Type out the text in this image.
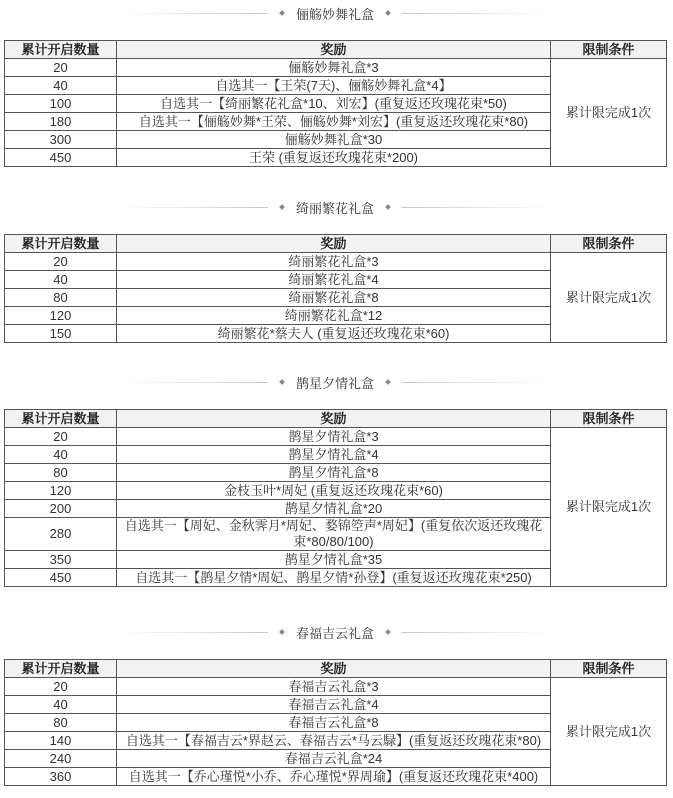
俪觞妙舞礼盒
累计开启数量	奖励	限制条件
20	俪觞妙舞礼盒*3	累计限完成1次
40	自选其一【王荣(7天)、俪觞妙舞礼盒*4】	
100	自选其一【绮丽繁花礼盒*10、刘宏】(重复返还玫瑰花束*50)	
180	自选其一【俪觞妙舞*王荣、俪觞妙舞*刘宏】(重复返还玫瑰花束*80)	
300	俪觞妙舞礼盒*30	
450	王荣 (重复返还玫瑰花束*200)	
绮丽繁花礼盒
累计开启数量	奖励	限制条件
20	绮丽繁花礼盒*3	累计限完成1次
40	绮丽繁花礼盒*4	
80	绮丽繁花礼盒*8	
120	绮丽繁花礼盒*12	
150	绮丽繁花*蔡夫人 (重复返还玫瑰花束*60)	
鹊星夕情礼盒
累计开启数量	奖励	限制条件
20	鹊星夕情礼盒*3	累计限完成1次
40	鹊星夕情礼盒*4	
80	鹊星夕情礼盒*8	
120	金枝玉叶*周妃 (重复返还玫瑰花束*60)	
200	鹊星夕情礼盒*20	
280	自选其一【周妃、金秋霁月*周妃、婺锦箜声*周妃】(重复依次返还玫瑰花束*80/80/100)	
350	鹊星夕情礼盒*35	
450	自选其一【鹊星夕情*周妃、鹊星夕情*孙登】(重复返还玫瑰花束*250)	
春福吉云礼盒
累计开启数量	奖励	限制条件
20	春福吉云礼盒*3	累计限完成1次
40	春福吉云礼盒*4	
80	春福吉云礼盒*8	
140	自选其一【春福吉云*界赵云、春福吉云*马云騄】(重复返还玫瑰花束*80)	
240	春福吉云礼盒*24	
360	自选其一【乔心瑾悦*小乔、乔心瑾悦*界周瑜】(重复返还玫瑰花束*400)	
